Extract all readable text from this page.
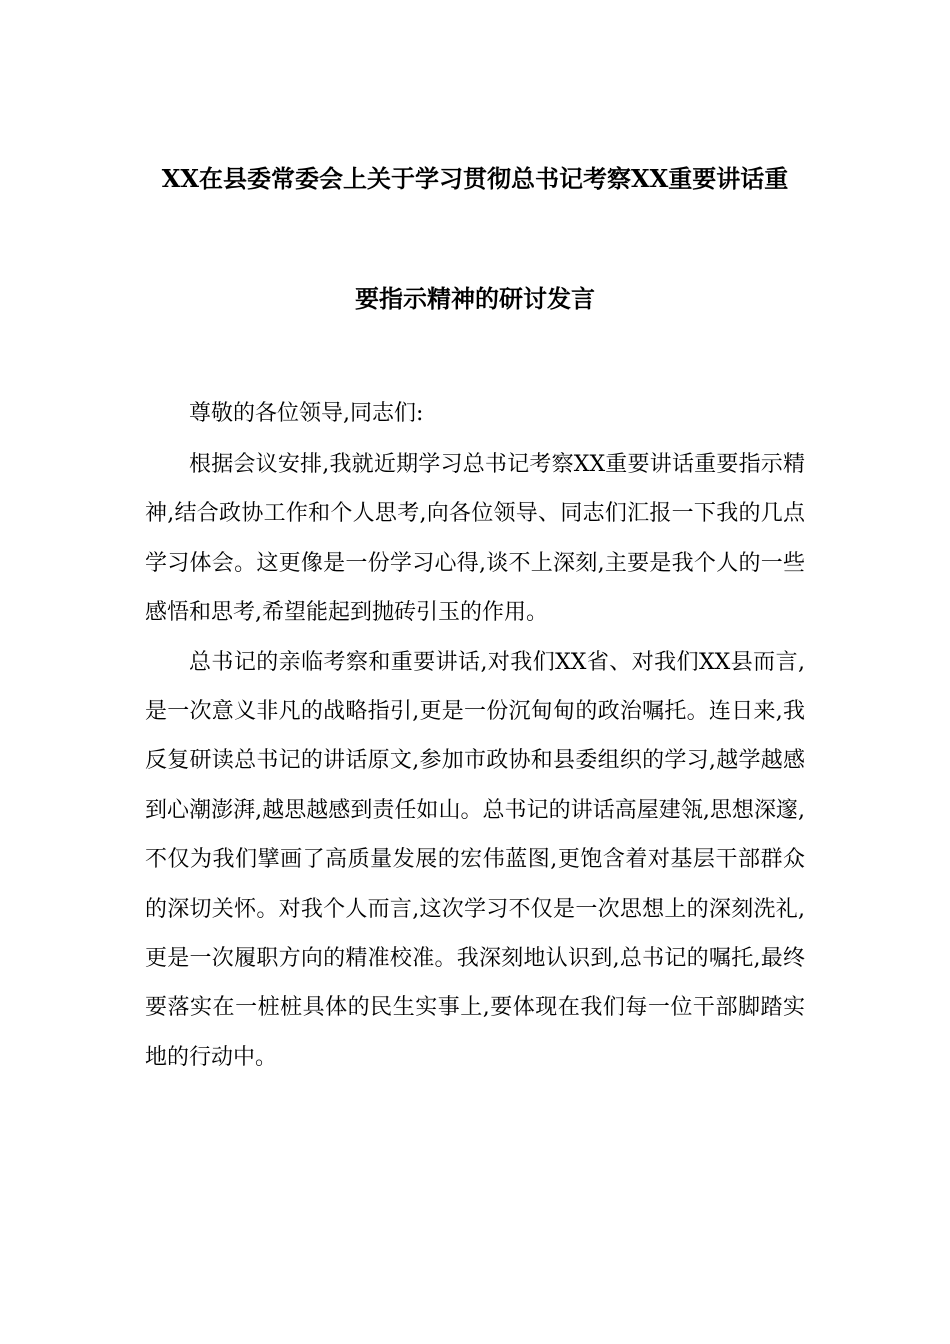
XX在县委常委会上关于学习贯彻总书记考察XX重要讲话重
要指示精神的研讨发言
尊敬的各位领导,同志们:

根据会议安排,我就近期学习总书记考察XX重要讲话重要指示精神,结合政协工作和个人思考,向各位领导、同志们汇报一下我的几点学习体会。这更像是一份学习心得,谈不上深刻,主要是我个人的一些感悟和思考,希望能起到抛砖引玉的作用。

总书记的亲临考察和重要讲话,对我们XX省、对我们XX县而言,是一次意义非凡的战略指引,更是一份沉甸甸的政治嘱托。连日来,我反复研读总书记的讲话原文,参加市政协和县委组织的学习,越学越感到心潮澎湃,越思越感到责任如山。总书记的讲话高屋建瓴,思想深邃,不仅为我们擘画了高质量发展的宏伟蓝图,更饱含着对基层干部群众的深切关怀。对我个人而言,这次学习不仅是一次思想上的深刻洗礼,更是一次履职方向的精准校准。我深刻地认识到,总书记的嘱托,最终要落实在一桩桩具体的民生实事上,要体现在我们每一位干部脚踏实地的行动中。
